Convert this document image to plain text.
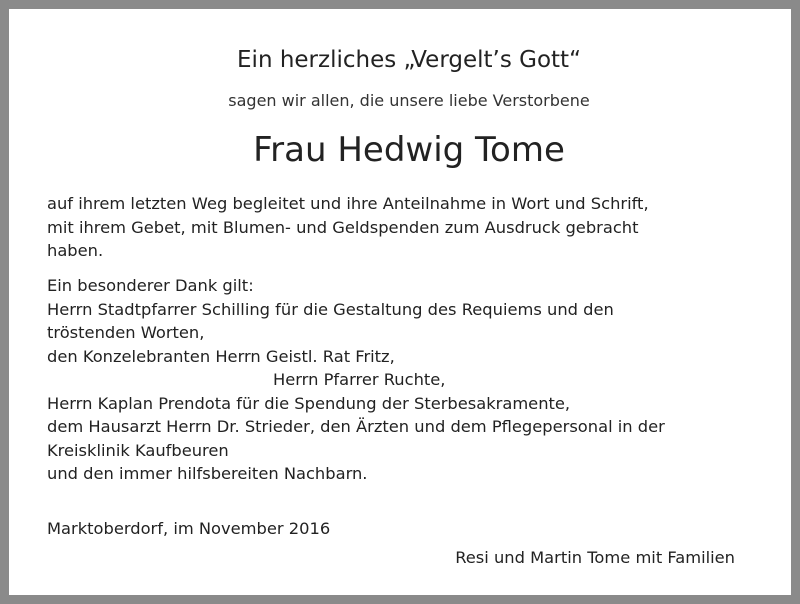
Ein herzliches „Vergelt’s Gott“
sagen wir allen, die unsere liebe Verstorbene
Frau Hedwig Tome
auf ihrem letzten Weg begleitet und ihre Anteilnahme in Wort und Schrift,
mit ihrem Gebet, mit Blumen- und Geldspenden zum Ausdruck gebracht
haben.
Ein besonderer Dank gilt:
Herrn Stadtpfarrer Schilling für die Gestaltung des Requiems und den
tröstenden Worten,
den Konzelebranten Herrn Geistl. Rat Fritz,
Herrn Pfarrer Ruchte,
Herrn Kaplan Prendota für die Spendung der Sterbesakramente,
dem Hausarzt Herrn Dr. Strieder, den Ärzten und dem Pflegepersonal in der
Kreisklinik Kaufbeuren
und den immer hilfsbereiten Nachbarn.
Marktoberdorf, im November 2016
Resi und Martin Tome mit Familien
